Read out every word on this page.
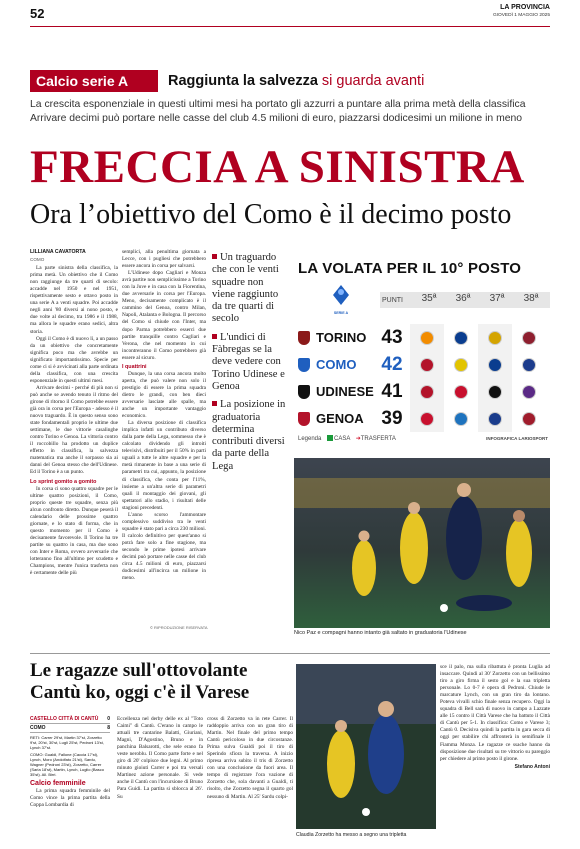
52	LA PROVINCIA
GIOVEDÌ 1 MAGGIO 2025
Calcio serie A	Raggiunta la salvezza si guarda avanti
La crescita esponenziale in questi ultimi mesi ha portato gli azzurri a puntare alla prima metà della classifica
Arrivare decimi può portare nelle casse del club 4.5 milioni di euro, piazzarsi dodicesimi un milione in meno
FRECCIA A SINISTRA
Ora l’obiettivo del Como è il decimo posto
LILLIANA CAVATORTA
COMO

La parte sinistra della classifica, la prima metà. Un obiettivo che il Como non raggiunge da tre quarti di secolo: accadde nel 1950 e nel 1951, rispettivamente sesto e ottavo posto in una serie A a venti squadre. Poi accadde negli anni '80 diversi ai nono posto, e due volte al decimo, tra 1986 e il 1988, ma allora le squadre erano sedici, altra storia.

Oggi il Como è di nuovo lì, a un passo da un obiettivo che concretamente significa poco ma che avrebbe un significato importantissimo. Specie per come ci si è avvicinati alla parte ordinata della classifica, con una crescita esponenziale in questi ultimi mesi.

Arrivare decimi - perché di più non si può anche se avendo tenuto il ritmo del girone di ritorno il Como potrebbe essere già ora in corsa per l'Europa - adesso è il nuovo traguardo. È in questo senso sono state fondamentali proprio le ultime due settimane, le due vittorie casalinghe contro Torino e Genoa. La vittoria contro il roccobillo ha prodotto un duplice effetto in classifica, la salvezza matematica ma anche il sorpasso sia ai danni del Genoa stesso che dell'Udinese. Ed il Torino è a un punto.

Lo sprint gomito a gomito

In corsa ci sono quattro squadre per le ultime quattro posizioni, il Como, proprio queste tre squadre, senza più alcun confronto diretto. Dunque peserà il calendario delle prossime quattro giornate, e lo stato di forma, che in questo momento per il Como è decisamente favorevole. Il Torino ha tre partite su quattro in casa, ma due sono con Inter e Roma, ovvero avversarie che lotteranno fino all'ultimo per scudetto e Champions, mentre l'unica trasferta non è certamente delle più

semplici, alla penultima giornata a Lecce, con i pugliesi che potrebbero essere ancora in corsa per salvarsi.

L'Udinese dopo Cagliari e Monza avrà partite non semplicissime a Torino con la Juve e in casa con la Fiorentina, due avversarie in corsa per l'Europa. Meno, decisamente complicato è il cammino del Genoa, contro Milan, Napoli, Atalanta e Bologna. Il percorso del Como si chiude con l'Inter, ma dopo Parma potrebbero esserci due partite tranquille contro Cagliari e Verona, che nel momento in cui incontreranno il Como potrebbero già essere al sicuro.

I quattrini

Dunque, la una corsa ancora molto aperta, che può valere non solo il prestigio di essere la prima squadra dietro le grandi, con ben dieci avversarie lasciate alle spalle, ma anche un importante vantaggio economico.

La diversa posizione di classifica implica infatti un contributo diverso dalla parte della Lega, sommesso che è calcolato dividendo gli introiti televisivi, distribuiti per il 50% in parti uguali a tutte le altre squadre e per la metà rimanente in base a una serie di parametri tra cui, appunto, la posizione di classifica, che conta per l'11%, insieme a un'altra serie di parametri quali il montaggio dei giovani, gli spettatori allo stadio, i risultati delle stagioni precedenti.

L'anno scorso l'ammontare complessivo suddiviso tra le venti squadre è stato pari a circa 230 milioni. Il calcolo definitivo per quest'anno si potrà fare solo a fine stagione, ma secondo le prime ipotesi arrivare decimi può portare nelle casse del club circa 4.5 milioni di euro, piazzarsi dodicesimi all'incirca un milione in meno.

© RIPRODUZIONE RISERVATA
Un traguardo che con le venti squadre non viene raggiunto da tre quarti di secolo
L'undici di Fàbregas se la deve vedere con Torino Udinese e Genoa
La posizione in graduatoria determina contributi diversi da parte della Lega
LA VOLATA PER IL 10° POSTO
SERIE A
PUNTI	35ª	36ª	37ª	38ª
TORINO 43
COMO	42
UDINESE 41
GENOA 39
Legenda CASA ➜TRASFERTA	INFOGRAFICA LARIOSPORT
Nico Paz e compagni hanno intanto già saltato in graduatoria l'Udinese
Le ragazze sull'ottovolante
Cantù ko, oggi c'è il Varese
CASTELLO CITTÀ DI CANTÙ 0
COMO	8
RETI: Carrer 29'st, Martin 37'st, Zorzetto 9'st, 20'st, 30'st, Lugli 25'st, Pedroni 13'st, Lynch 37'st.
COMO: Gualdi, Fallone (Caccia 17'st), Lynch, Moro (Andolfato 21'st), Sardu, Wagner (Pedroni 23'st), Zorzetto, Carrer (Saria 18'st), Martin, Lynch, Luglio (Basco 35'st). All. Birri.
Calcio femminile
La prima squadra femminile del Como vince la prima partita della Coppa Lombardia di
Eccellenza nel derby delle ex al "Toto Caimi" di Cantù. C'erano in campo le attuali tre cantarine Balatti, Giuriani, Magni, D'Agostino, Bruno e in panchina Balsarotti, che sele erano fa veste neroblu. Il Como parte forte e nel giro di 20' colpisce due legni. Al primo minuto gioiuti Carrer e poi tra versali Martinez azione personale. Si vede anche il Cantù con l'incursione di Bruno Para Guidi. La partita si sblocca al 26'. Su
cross di Zorzetto va in rete Carrer. Il raddoppio arriva con un gran tiro di Martin. Nel finale del primo tempo Cantù pericoloso in due circostanze. Prima sulva Gualdi poi il tiro di Sperindo sfiora la traversa. A inizio ripresa arriva subito il tris di Zorzetto con una conclusione da fuori area. Il tempo di registrare l'ora vazione di Zorzetto che, sola davanti a Gualdi, ti risolto, che Zorzetto segna il quarto gol nessuno di Martin. Al 25' Sardu colpi-
Claudia Zorzetto ha messo a segno una tripletta
sce il palo, ma sulla ribattuta è pronta Luglia ad insaccare. Quindi al 30' Zorzetto con un bellissimo tiro a giro firma il sesto gol e la sua tripletta personale. Lo 0-7 è opera di Pedroni. Chiude le marcature Lynch, con un gran tiro da lontano. Poteva vivalli schio finale senza recupero. Oggi la squadra di Bell sarà di nuovo in campo a Lazzate alle 15 contro il Città Varese che ha battuto il Città di Cantù per 5-1. In classifica: Como e Varese 3; Cantù 0. Decisiva quindi la partita in gara secca di oggi per stabilire chi affronterà in semifinale il Fiamma Monza. Le ragazze ce ssache hanno da disposizione due risultati su tre vittorio su pareggio per chiedere al primo posto il girone.
Stefano Antoni
